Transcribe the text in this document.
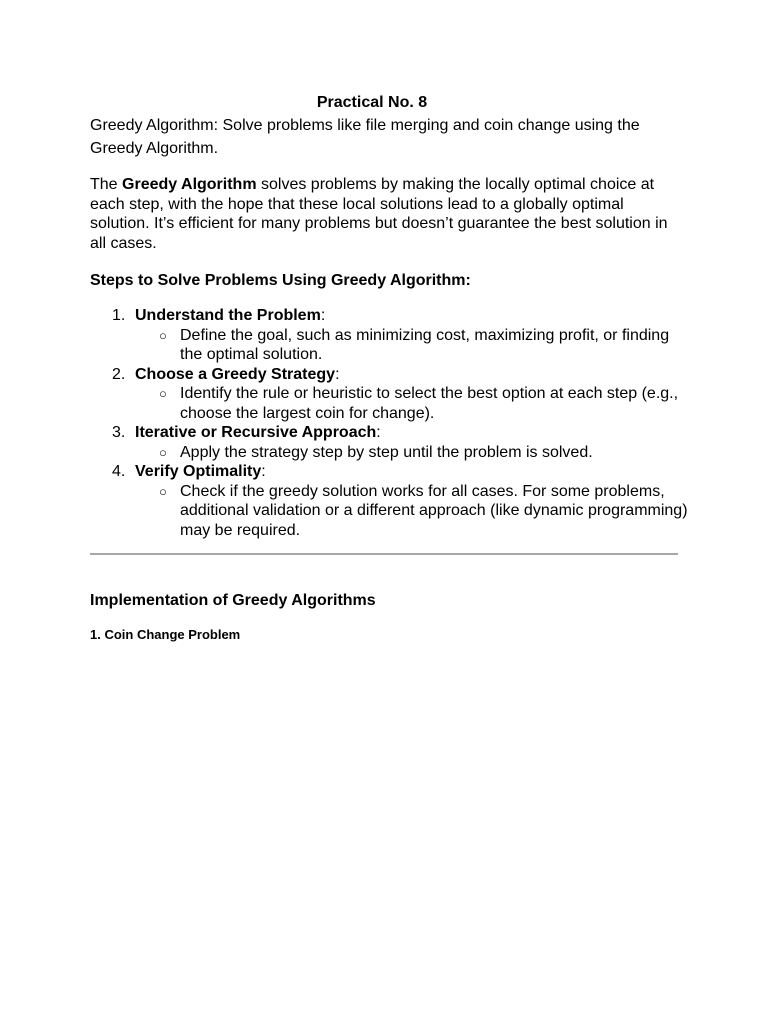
Practical No. 8

Greedy Algorithm: Solve problems like file merging and coin change using the Greedy Algorithm.

The Greedy Algorithm solves problems by making the locally optimal choice at each step, with the hope that these local solutions lead to a globally optimal solution. It’s efficient for many problems but doesn’t guarantee the best solution in all cases.

Steps to Solve Problems Using Greedy Algorithm:

1. Understand the Problem:
○ Define the goal, such as minimizing cost, maximizing profit, or finding the optimal solution.
2. Choose a Greedy Strategy:
○ Identify the rule or heuristic to select the best option at each step (e.g., choose the largest coin for change).
3. Iterative or Recursive Approach:
○ Apply the strategy step by step until the problem is solved.
4. Verify Optimality:
○ Check if the greedy solution works for all cases. For some problems, additional validation or a different approach (like dynamic programming) may be required.

Implementation of Greedy Algorithms

1. Coin Change Problem
